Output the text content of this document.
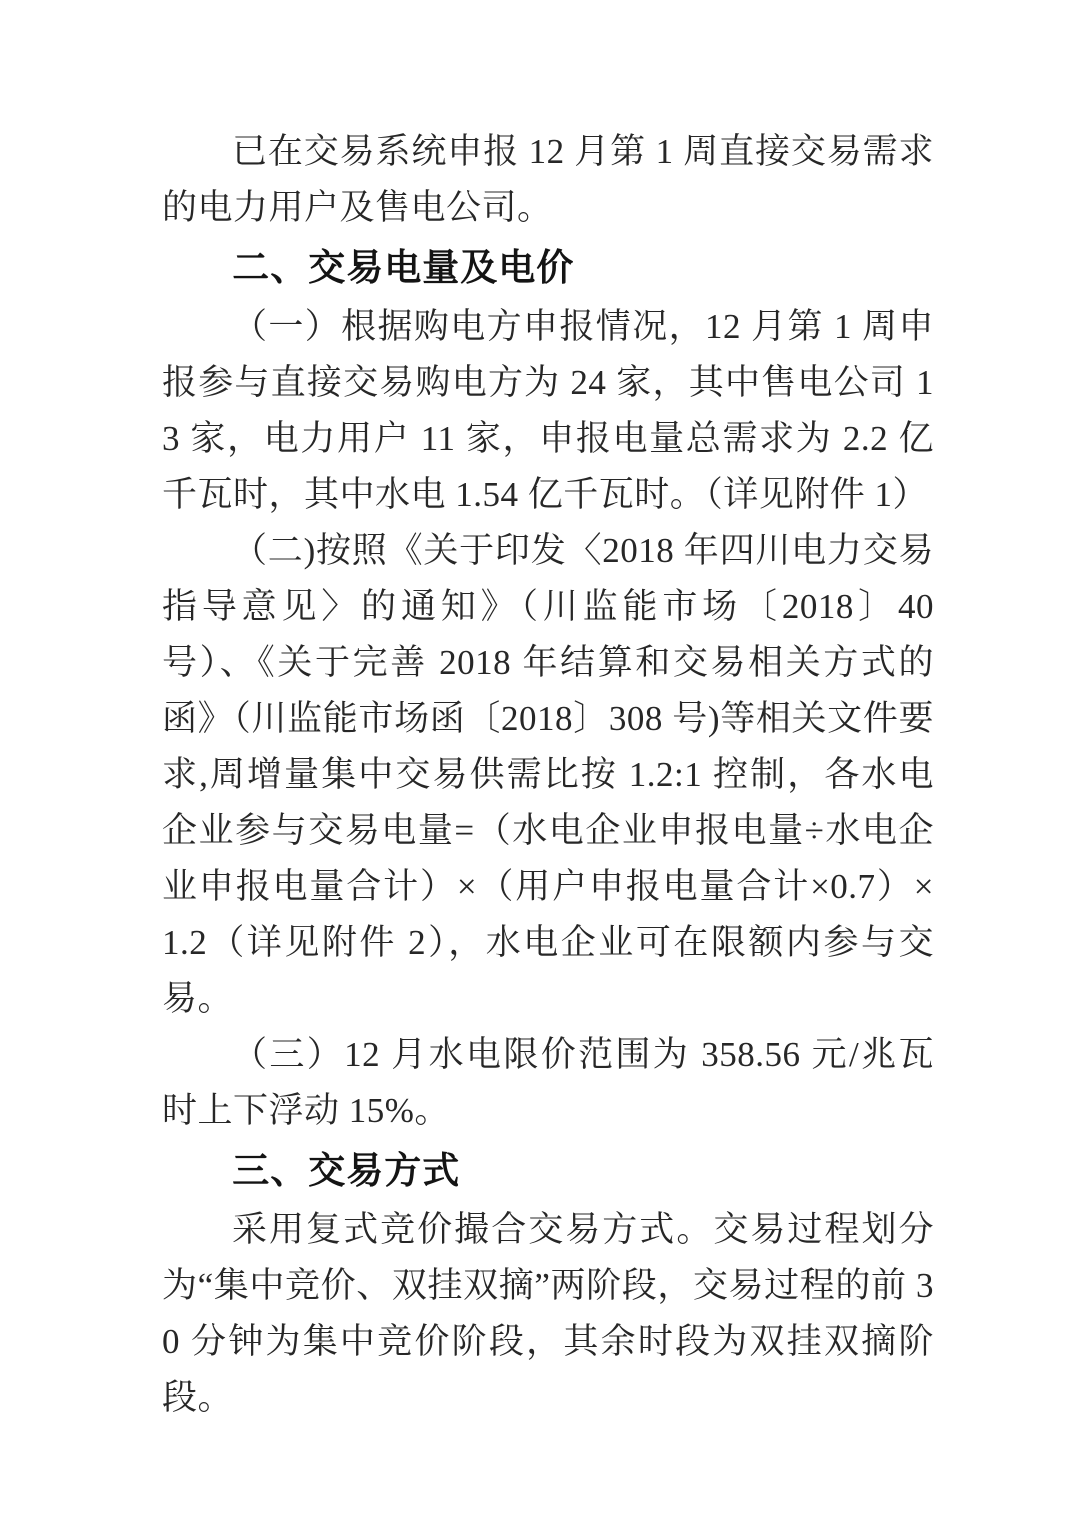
已在交易系统申报 12 月第 1 周直接交易需求的电力用户及售电公司。

二、交易电量及电价

（一）根据购电方申报情况，12 月第 1 周申报参与直接交易购电方为 24 家，其中售电公司 13 家，电力用户 11 家，申报电量总需求为 2.2 亿千瓦时，其中水电 1.54 亿千瓦时。（详见附件 1）

（二)按照《关于印发〈2018 年四川电力交易指导意见〉的通知》（川监能市场〔2018〕40 号）、《关于完善 2018 年结算和交易相关方式的函》（川监能市场函〔2018〕308 号)等相关文件要求,周增量集中交易供需比按 1.2:1 控制，各水电企业参与交易电量=（水电企业申报电量÷水电企业申报电量合计）×（用户申报电量合计×0.7）×1.2（详见附件 2），水电企业可在限额内参与交易。

（三）12 月水电限价范围为 358.56 元/兆瓦时上下浮动 15%。

三、交易方式

采用复式竞价撮合交易方式。交易过程划分为“集中竞价、双挂双摘”两阶段，交易过程的前 30 分钟为集中竞价阶段，其余时段为双挂双摘阶段。
